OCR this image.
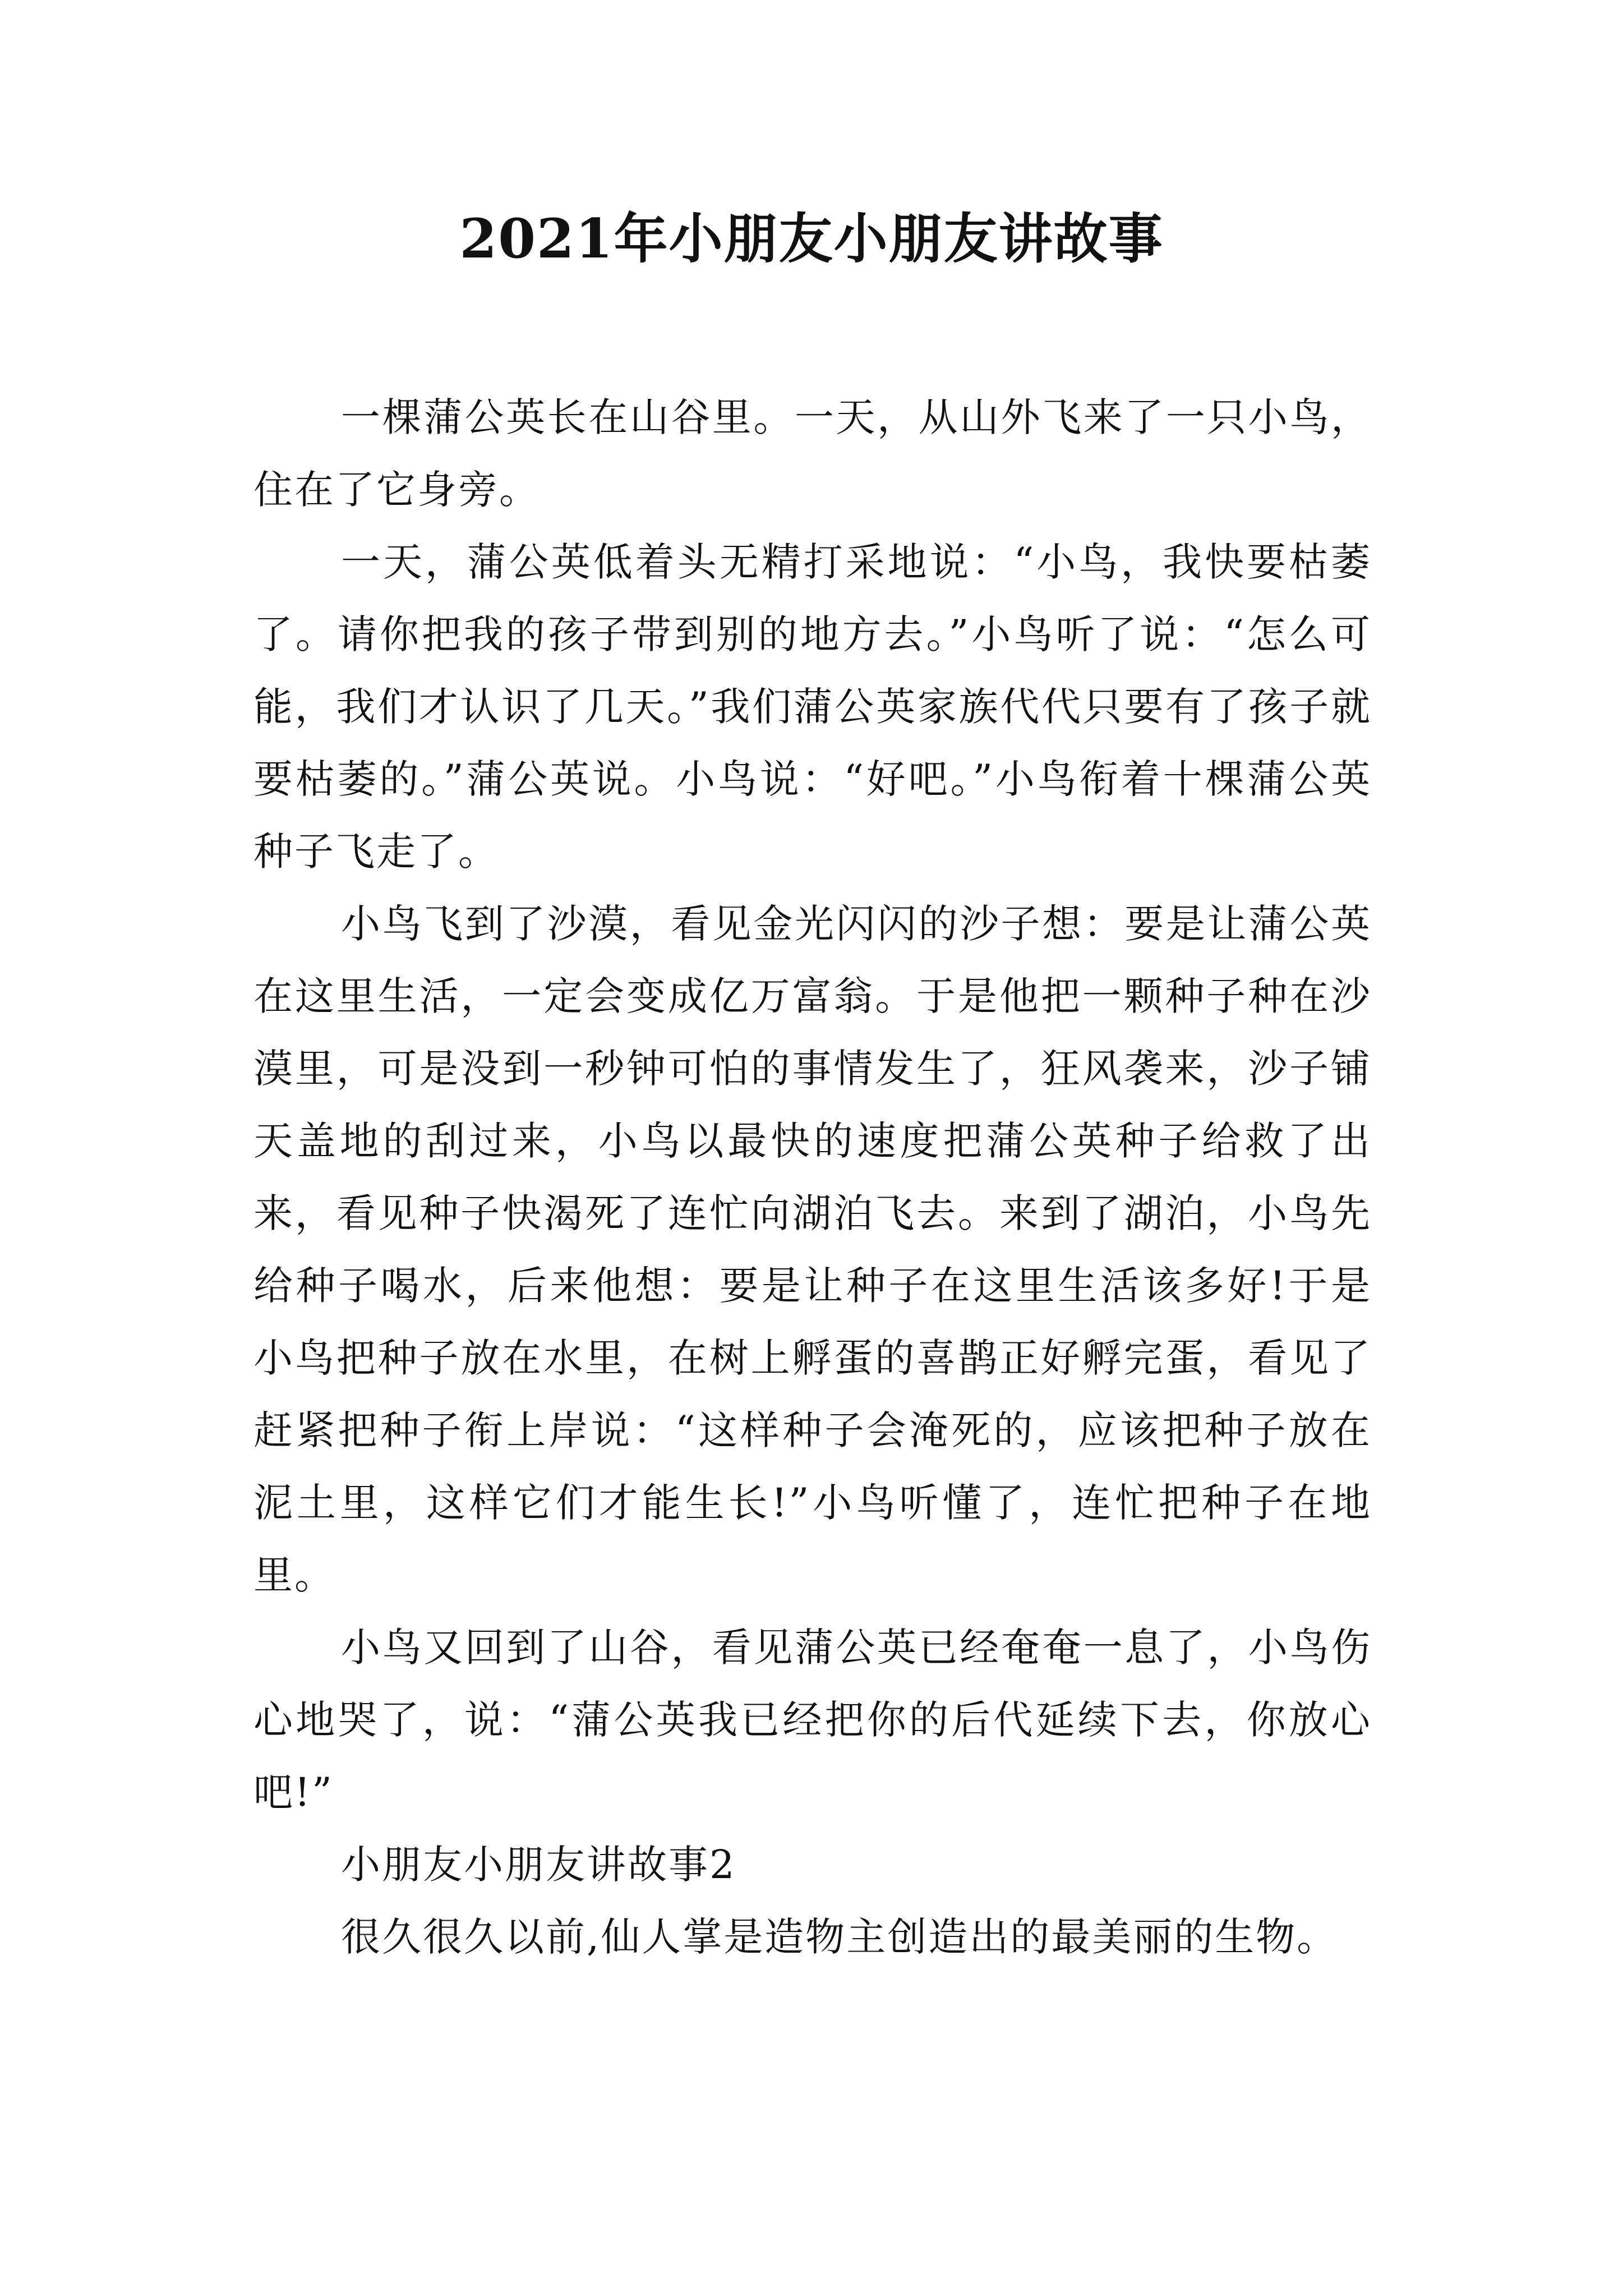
2021年小朋友小朋友讲故事

一棵蒲公英长在山谷里。一天，从山外飞来了一只小鸟，住在了它身旁。

一天，蒲公英低着头无精打采地说：“小鸟，我快要枯萎了。请你把我的孩子带到别的地方去。”小鸟听了说：“怎么可能，我们才认识了几天。”我们蒲公英家族代代只要有了孩子就要枯萎的。”蒲公英说。小鸟说：“好吧。”小鸟衔着十棵蒲公英种子飞走了。

小鸟飞到了沙漠，看见金光闪闪的沙子想：要是让蒲公英在这里生活，一定会变成亿万富翁。于是他把一颗种子种在沙漠里，可是没到一秒钟可怕的事情发生了，狂风袭来，沙子铺天盖地的刮过来，小鸟以最快的速度把蒲公英种子给救了出来，看见种子快渴死了连忙向湖泊飞去。来到了湖泊，小鸟先给种子喝水，后来他想：要是让种子在这里生活该多好!于是小鸟把种子放在水里，在树上孵蛋的喜鹊正好孵完蛋，看见了赶紧把种子衔上岸说：“这样种子会淹死的，应该把种子放在泥土里，这样它们才能生长!”小鸟听懂了，连忙把种子在地里。

小鸟又回到了山谷，看见蒲公英已经奄奄一息了，小鸟伤心地哭了，说：“蒲公英我已经把你的后代延续下去，你放心吧!”

小朋友小朋友讲故事2

很久很久以前,仙人掌是造物主创造出的最美丽的生物。
